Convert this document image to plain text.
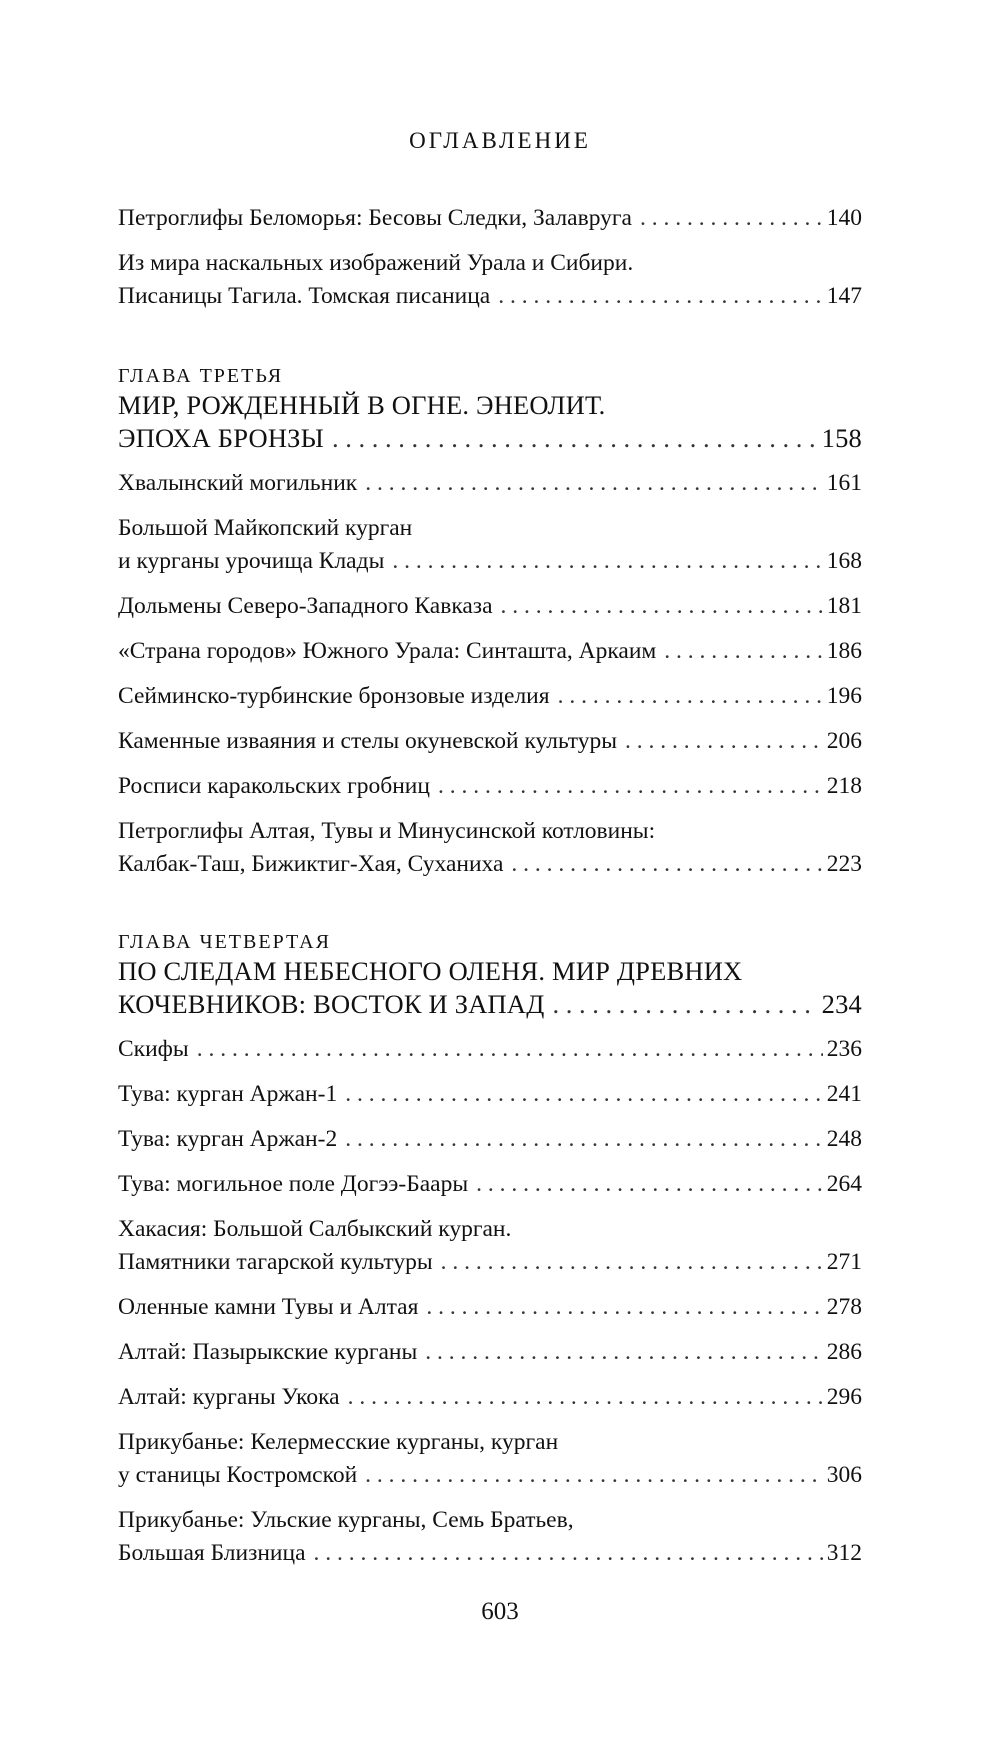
ОГЛАВЛЕНИЕ
Петроглифы Беломорья: Бесовы Следки, Залавруга . . .	140
Из мира наскальных изображений Урала и Сибири.
Писаницы Тагила. Томская писаница . . .	147
ГЛАВА ТРЕТЬЯ
МИР, РОЖДЕННЫЙ В ОГНЕ. ЭНЕОЛИТ.
ЭПОХА БРОНЗЫ . . .	158
Хвалынский могильник . . .	161
Большой Майкопский курган
и курганы урочища Клады . . .	168
Дольмены Северо-Западного Кавказа . . .	181
«Страна городов» Южного Урала: Синташта, Аркаим . . .	186
Сейминско-турбинские бронзовые изделия . . .	196
Каменные изваяния и стелы окуневской культуры . . .	206
Росписи каракольских гробниц . . .	218
Петроглифы Алтая, Тувы и Минусинской котловины:
Калбак-Таш, Бижиктиг-Хая, Суханиха . . .	223
ГЛАВА ЧЕТВЕРТАЯ
ПО СЛЕДАМ НЕБЕСНОГО ОЛЕНЯ. МИР ДРЕВНИХ
КОЧЕВНИКОВ: ВОСТОК И ЗАПАД . . .	234
Скифы . . .	236
Тува: курган Аржан-1 . . .	241
Тува: курган Аржан-2 . . .	248
Тува: могильное поле Догээ-Баары . . .	264
Хакасия: Большой Салбыкский курган.
Памятники тагарской культуры . . .	271
Оленные камни Тувы и Алтая . . .	278
Алтай: Пазырыкские курганы . . .	286
Алтай: курганы Укока . . .	296
Прикубанье: Келермесские курганы, курган
у станицы Костромской . . .	306
Прикубанье: Ульские курганы, Семь Братьев,
Большая Близница . . .	312
603
